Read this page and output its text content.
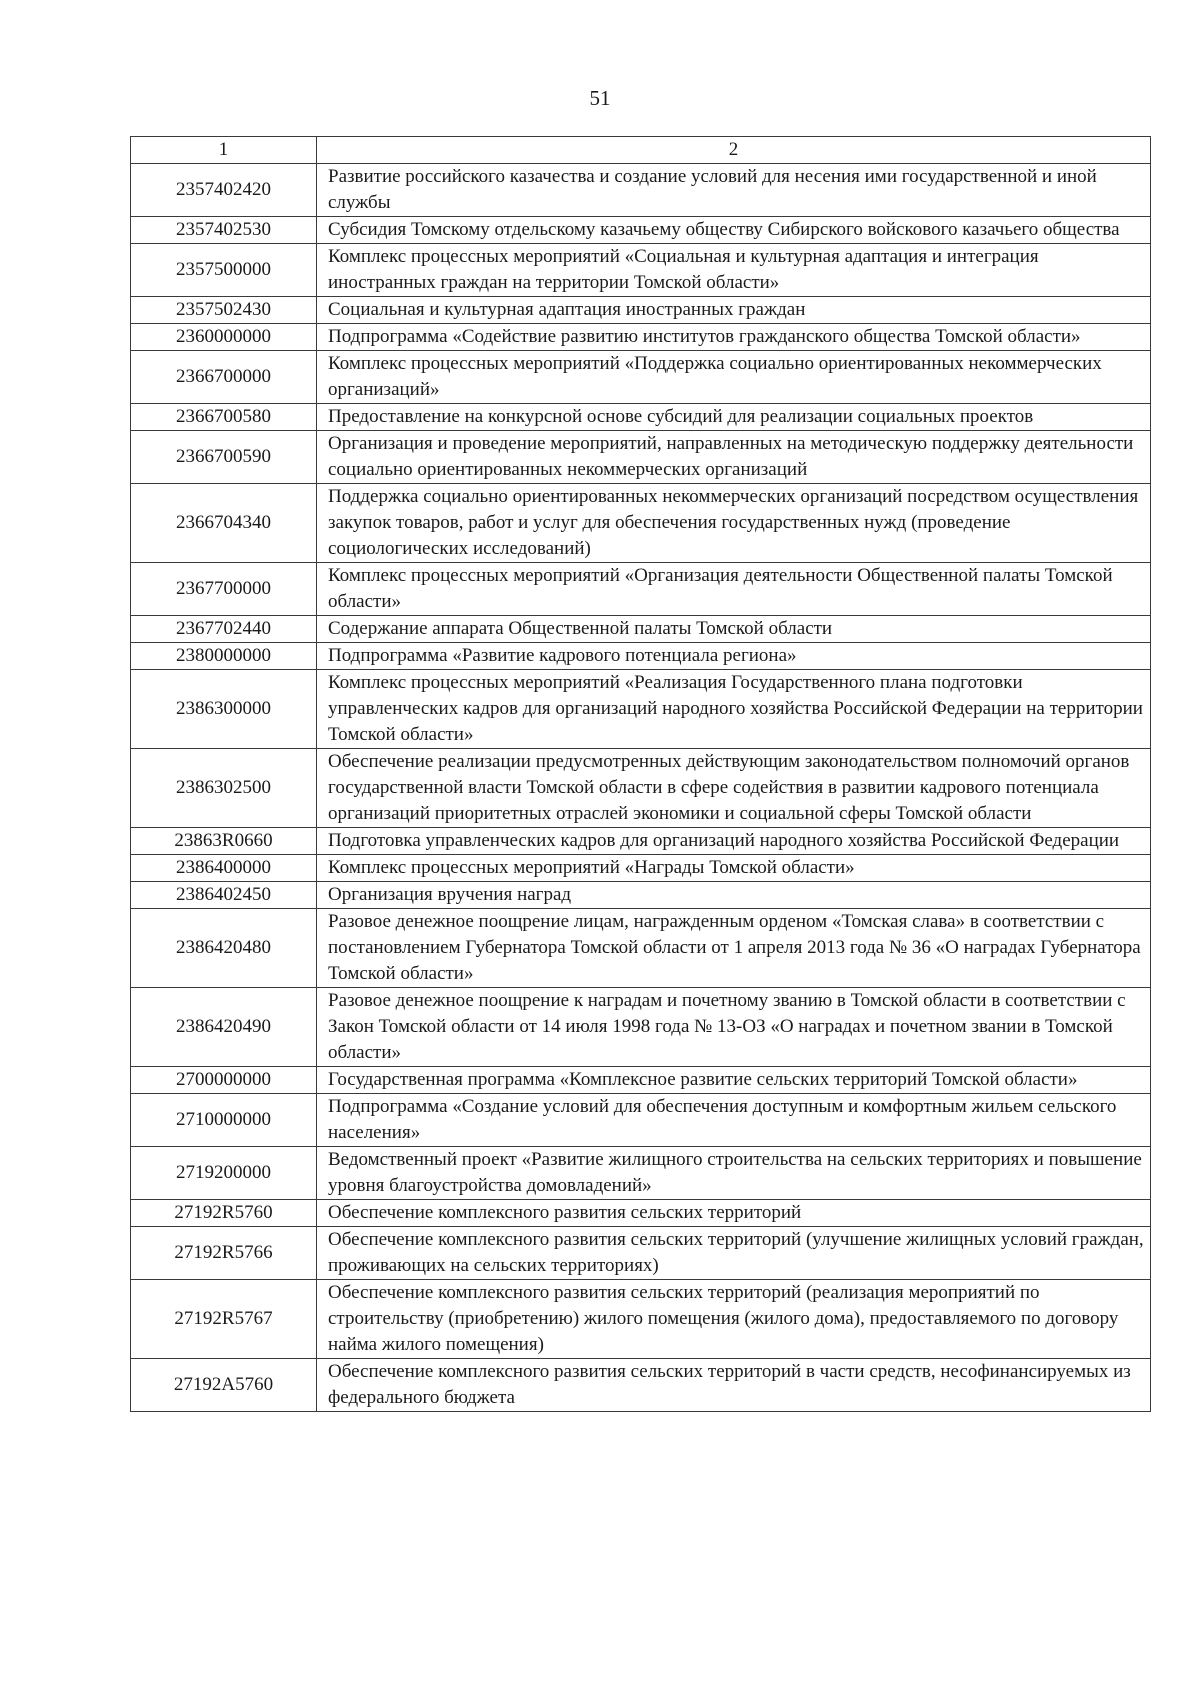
51
1	2
2357402420	Развитие российского казачества и создание условий для несения ими государственной и иной службы
2357402530	Субсидия Томскому отдельскому казачьему обществу Сибирского войскового казачьего общества
2357500000	Комплекс процессных мероприятий «Социальная и культурная адаптация и интеграция иностранных граждан на территории Томской области»
2357502430	Социальная и культурная адаптация иностранных граждан
2360000000	Подпрограмма «Содействие развитию институтов гражданского общества Томской области»
2366700000	Комплекс процессных мероприятий «Поддержка социально ориентированных некоммерческих организаций»
2366700580	Предоставление на конкурсной основе субсидий для реализации социальных проектов
2366700590	Организация и проведение мероприятий, направленных на методическую поддержку деятельности социально ориентированных некоммерческих организаций
2366704340	Поддержка социально ориентированных некоммерческих организаций посредством осуществления закупок товаров, работ и услуг для обеспечения государственных нужд (проведение социологических исследований)
2367700000	Комплекс процессных мероприятий «Организация деятельности Общественной палаты Томской области»
2367702440	Содержание аппарата Общественной палаты Томской области
2380000000	Подпрограмма «Развитие кадрового потенциала региона»
2386300000	Комплекс процессных мероприятий «Реализация Государственного плана подготовки управленческих кадров для организаций народного хозяйства Российской Федерации на территории Томской области»
2386302500	Обеспечение реализации предусмотренных действующим законодательством полномочий органов государственной власти Томской области в сфере содействия в развитии кадрового потенциала организаций приоритетных отраслей экономики и социальной сферы Томской области
23863R0660	Подготовка управленческих кадров для организаций народного хозяйства Российской Федерации
2386400000	Комплекс процессных мероприятий «Награды Томской области»
2386402450	Организация вручения наград
2386420480	Разовое денежное поощрение лицам, награжденным орденом «Томская слава» в соответствии с постановлением Губернатора Томской области от 1 апреля 2013 года № 36 «О наградах Губернатора Томской области»
2386420490	Разовое денежное поощрение к наградам и почетному званию в Томской области в соответствии с Закон Томской области от 14 июля 1998 года № 13-ОЗ «О наградах и почетном звании в Томской области»
2700000000	Государственная программа «Комплексное развитие сельских территорий Томской области»
2710000000	Подпрограмма «Создание условий для обеспечения доступным и комфортным жильем сельского населения»
2719200000	Ведомственный проект «Развитие жилищного строительства на сельских территориях и повышение уровня благоустройства домовладений»
27192R5760	Обеспечение комплексного развития сельских территорий
27192R5766	Обеспечение комплексного развития сельских территорий (улучшение жилищных условий граждан, проживающих на сельских территориях)
27192R5767	Обеспечение комплексного развития сельских территорий (реализация мероприятий по строительству (приобретению) жилого помещения (жилого дома), предоставляемого по договору найма жилого помещения)
27192A5760	Обеспечение комплексного развития сельских территорий в части средств, несофинансируемых из федерального бюджета
